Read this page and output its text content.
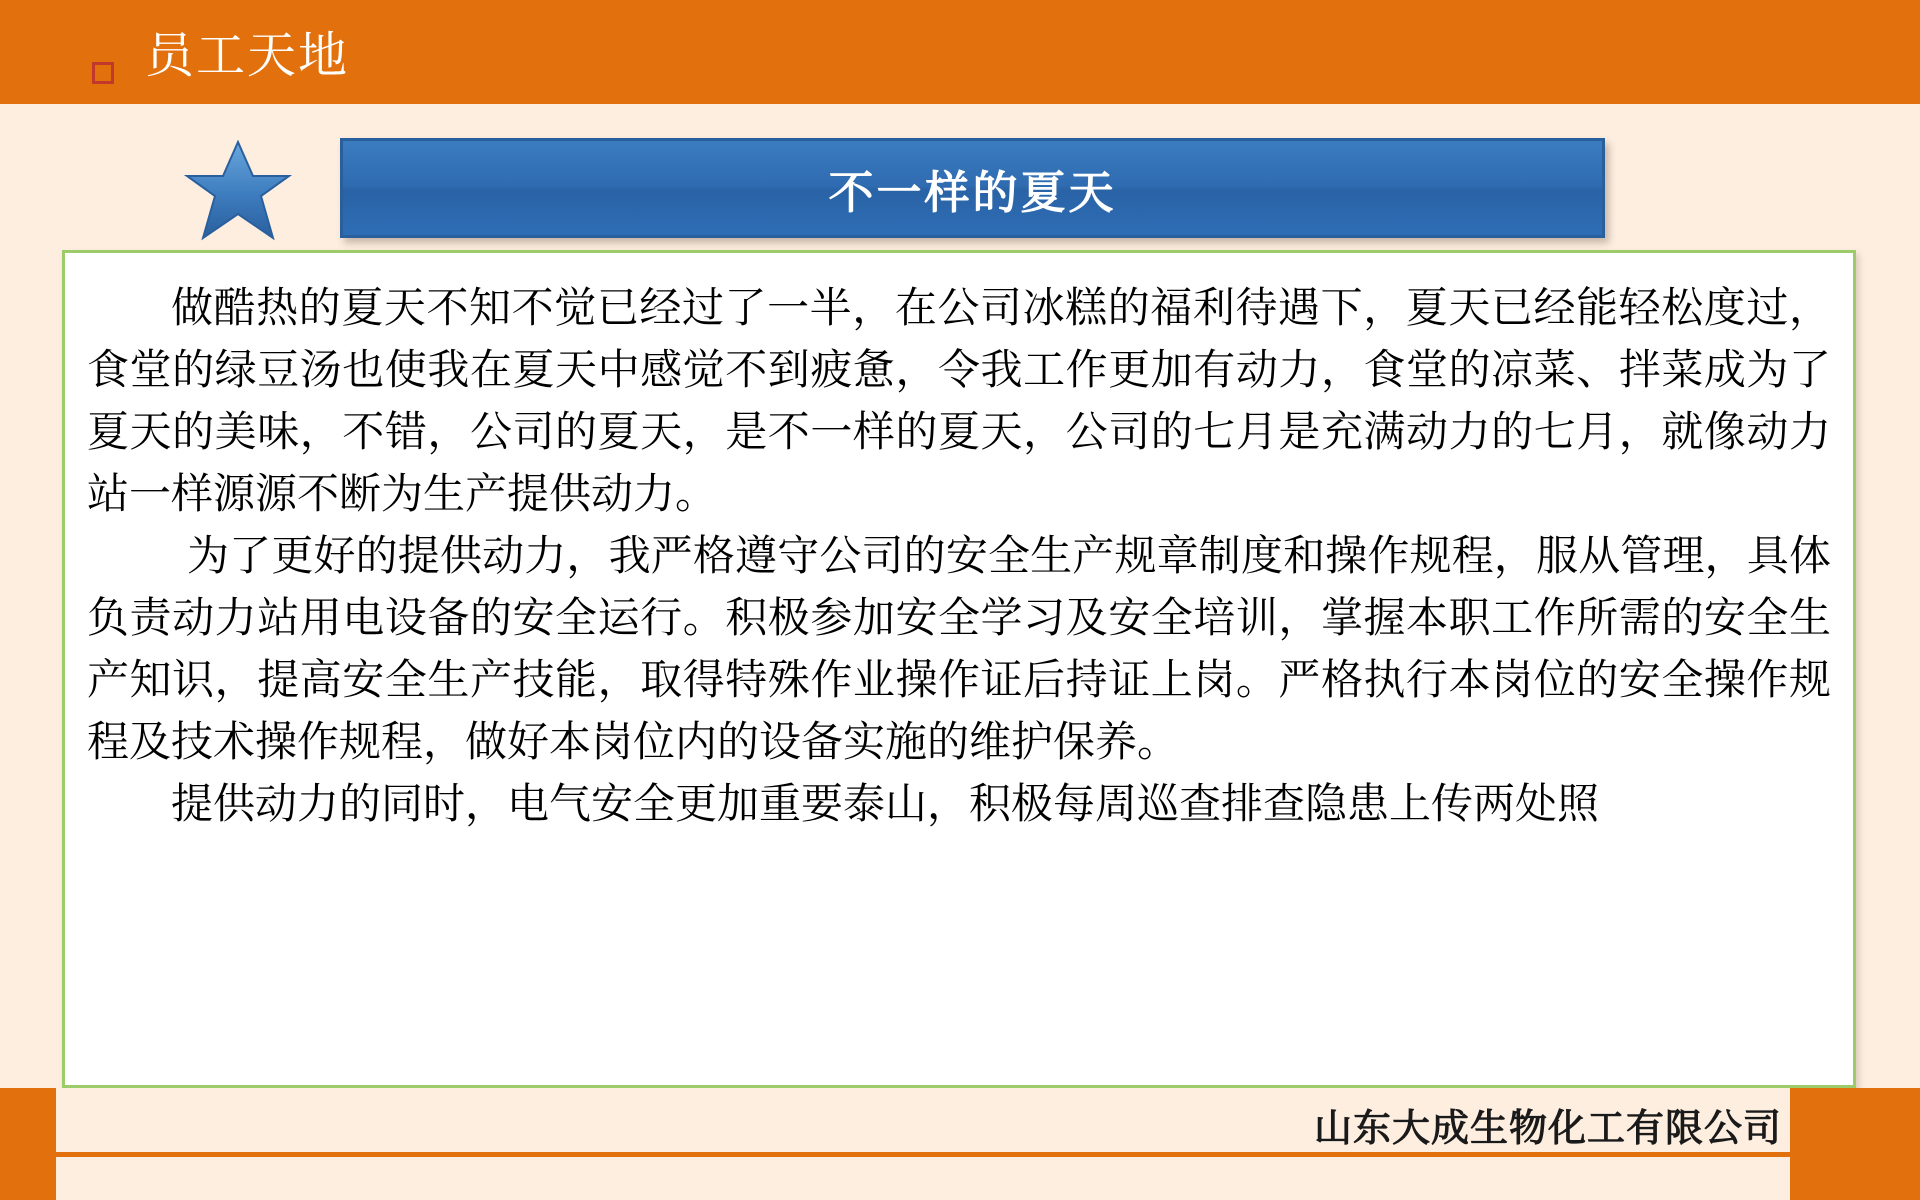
员工天地
不一样的夏天

做酷热的夏天不知不觉已经过了一半，在公司冰糕的福利待遇下，夏天已经能轻松度过，食堂的绿豆汤也使我在夏天中感觉不到疲惫，令我工作更加有动力，食堂的凉菜、拌菜成为了夏天的美味，不错，公司的夏天，是不一样的夏天，公司的七月是充满动力的七月，就像动力站一样源源不断为生产提供动力。

为了更好的提供动力，我严格遵守公司的安全生产规章制度和操作规程，服从管理，具体负责动力站用电设备的安全运行。积极参加安全学习及安全培训，掌握本职工作所需的安全生产知识，提高安全生产技能，取得特殊作业操作证后持证上岗。严格执行本岗位的安全操作规程及技术操作规程，做好本岗位内的设备实施的维护保养。

提供动力的同时，电气安全更加重要泰山，积极每周巡查排查隐患上传两处照

山东大成生物化工有限公司
